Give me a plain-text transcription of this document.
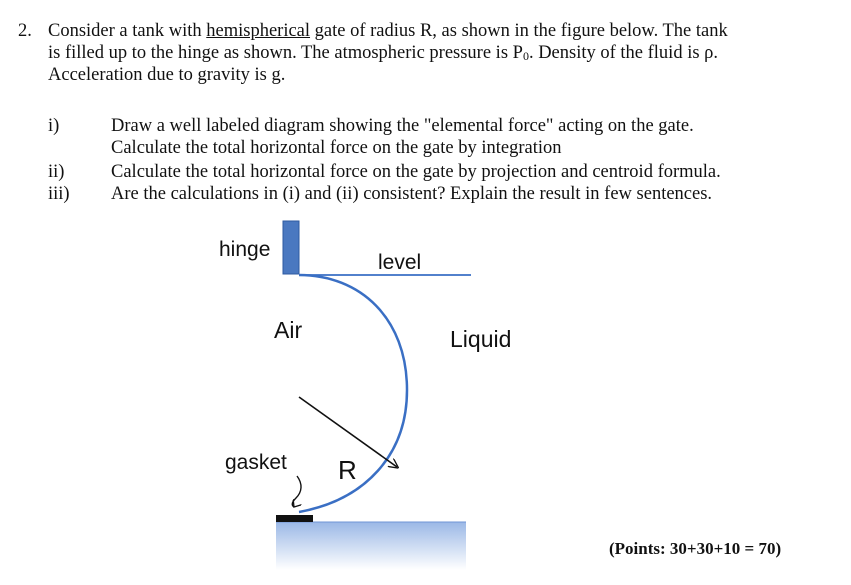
2. Consider a tank with hemispherical gate of radius R, as shown in the figure below. The tank
is filled up to the hinge as shown. The atmospheric pressure is P0. Density of the fluid is ρ.
Acceleration due to gravity is g.
i)	Draw a well labeled diagram showing the "elemental force" acting on the gate.
Calculate the total horizontal force on the gate by integration
ii)	Calculate the total horizontal force on the gate by projection and centroid formula.
iii) Are the calculations in (i) and (ii) consistent? Explain the result in few sentences.
hinge
level
Air	Liquid
gasket R
(Points: 30+30+10 = 70)
